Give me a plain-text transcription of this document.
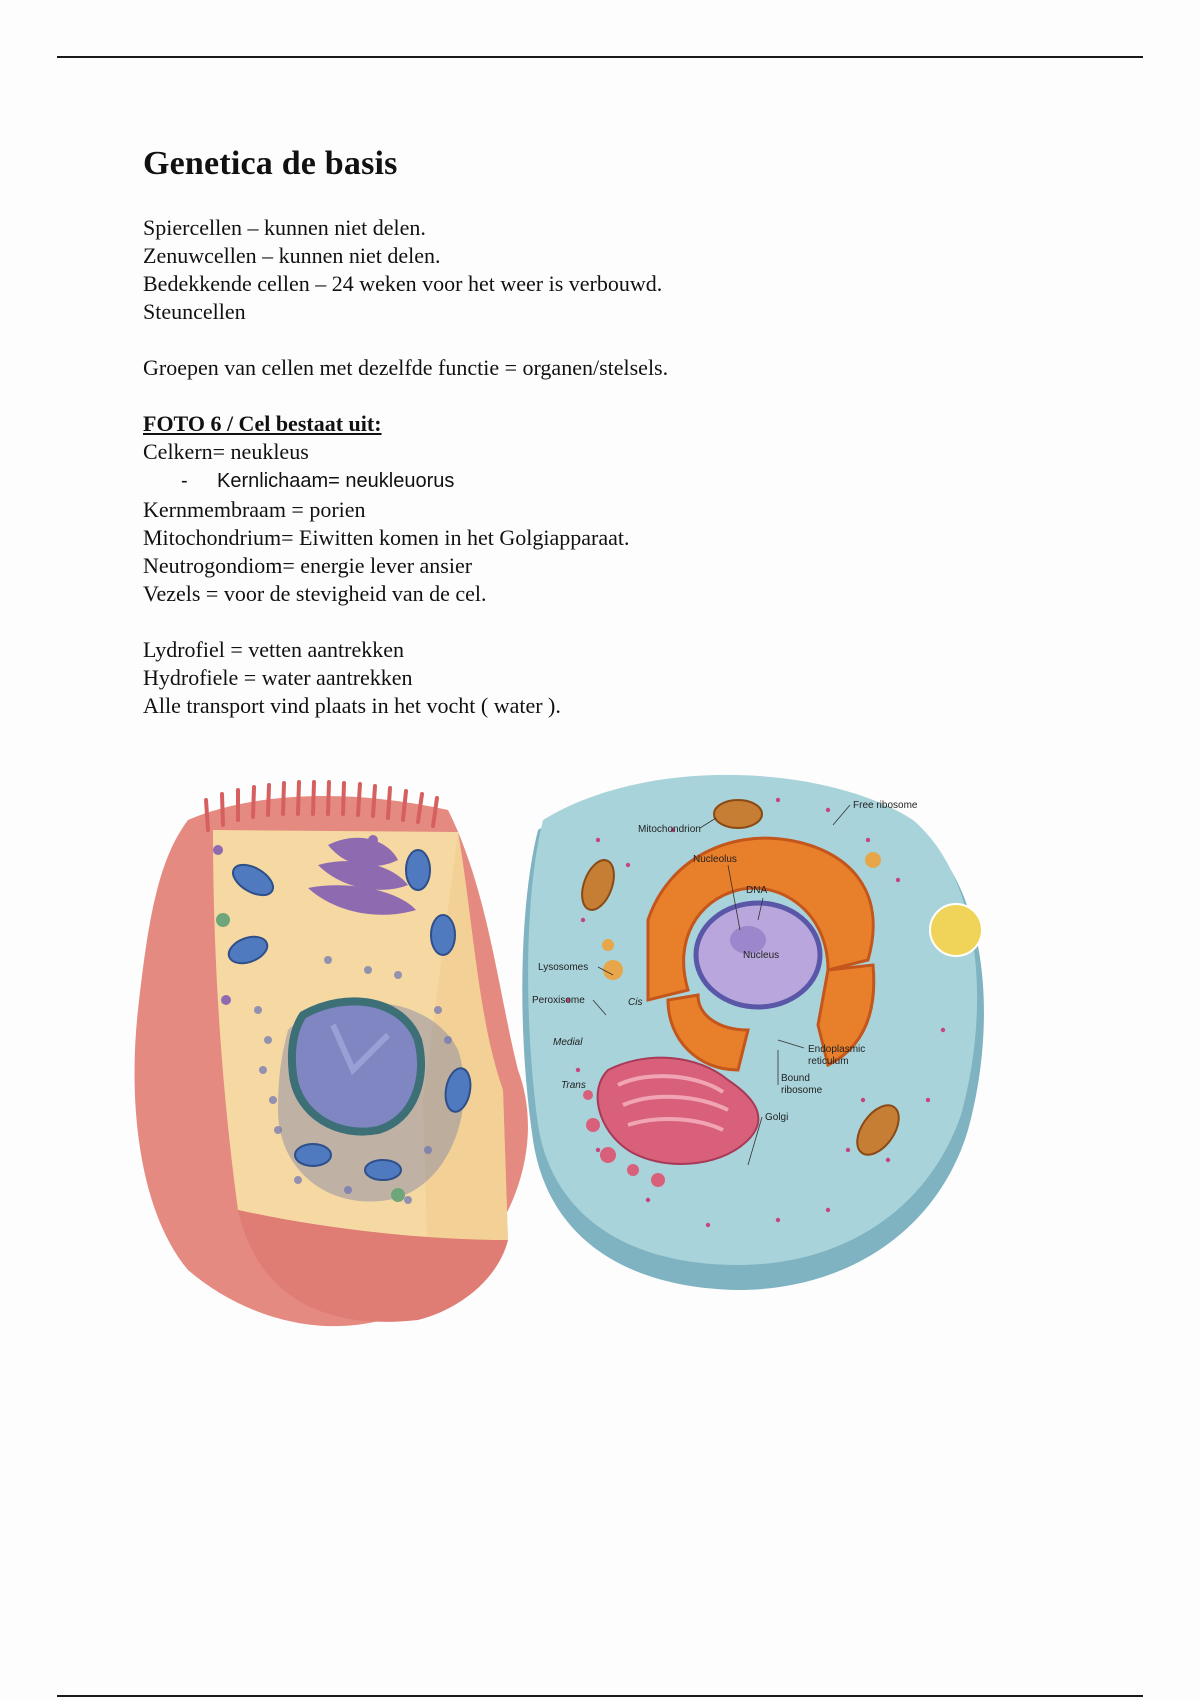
Genetica de basis
Spiercellen – kunnen niet delen.
Zenuwcellen – kunnen niet delen.
Bedekkende cellen – 24 weken voor het weer is verbouwd.
Steuncellen
Groepen van cellen met dezelfde functie = organen/stelsels.
FOTO 6 / Cel bestaat uit:
Celkern= neukleus
- Kernlichaam= neukleuorus
Kernmembraam = porien
Mitochondrium= Eiwitten komen in het Golgiapparaat.
Neutrogondiom= energie lever ansier
Vezels = voor de stevigheid van de cel.
Lydrofiel = vetten aantrekken
Hydrofiele = water aantrekken
Alle transport vind plaats in het vocht ( water ).
Mitochondrion
Free ribosome
Nucleolus
DNA
Nucleus
Lysosomes
Peroxisome	Cis
Medial
Trans
Endoplasmic
reticulum
Bound
ribosome
Golgi
